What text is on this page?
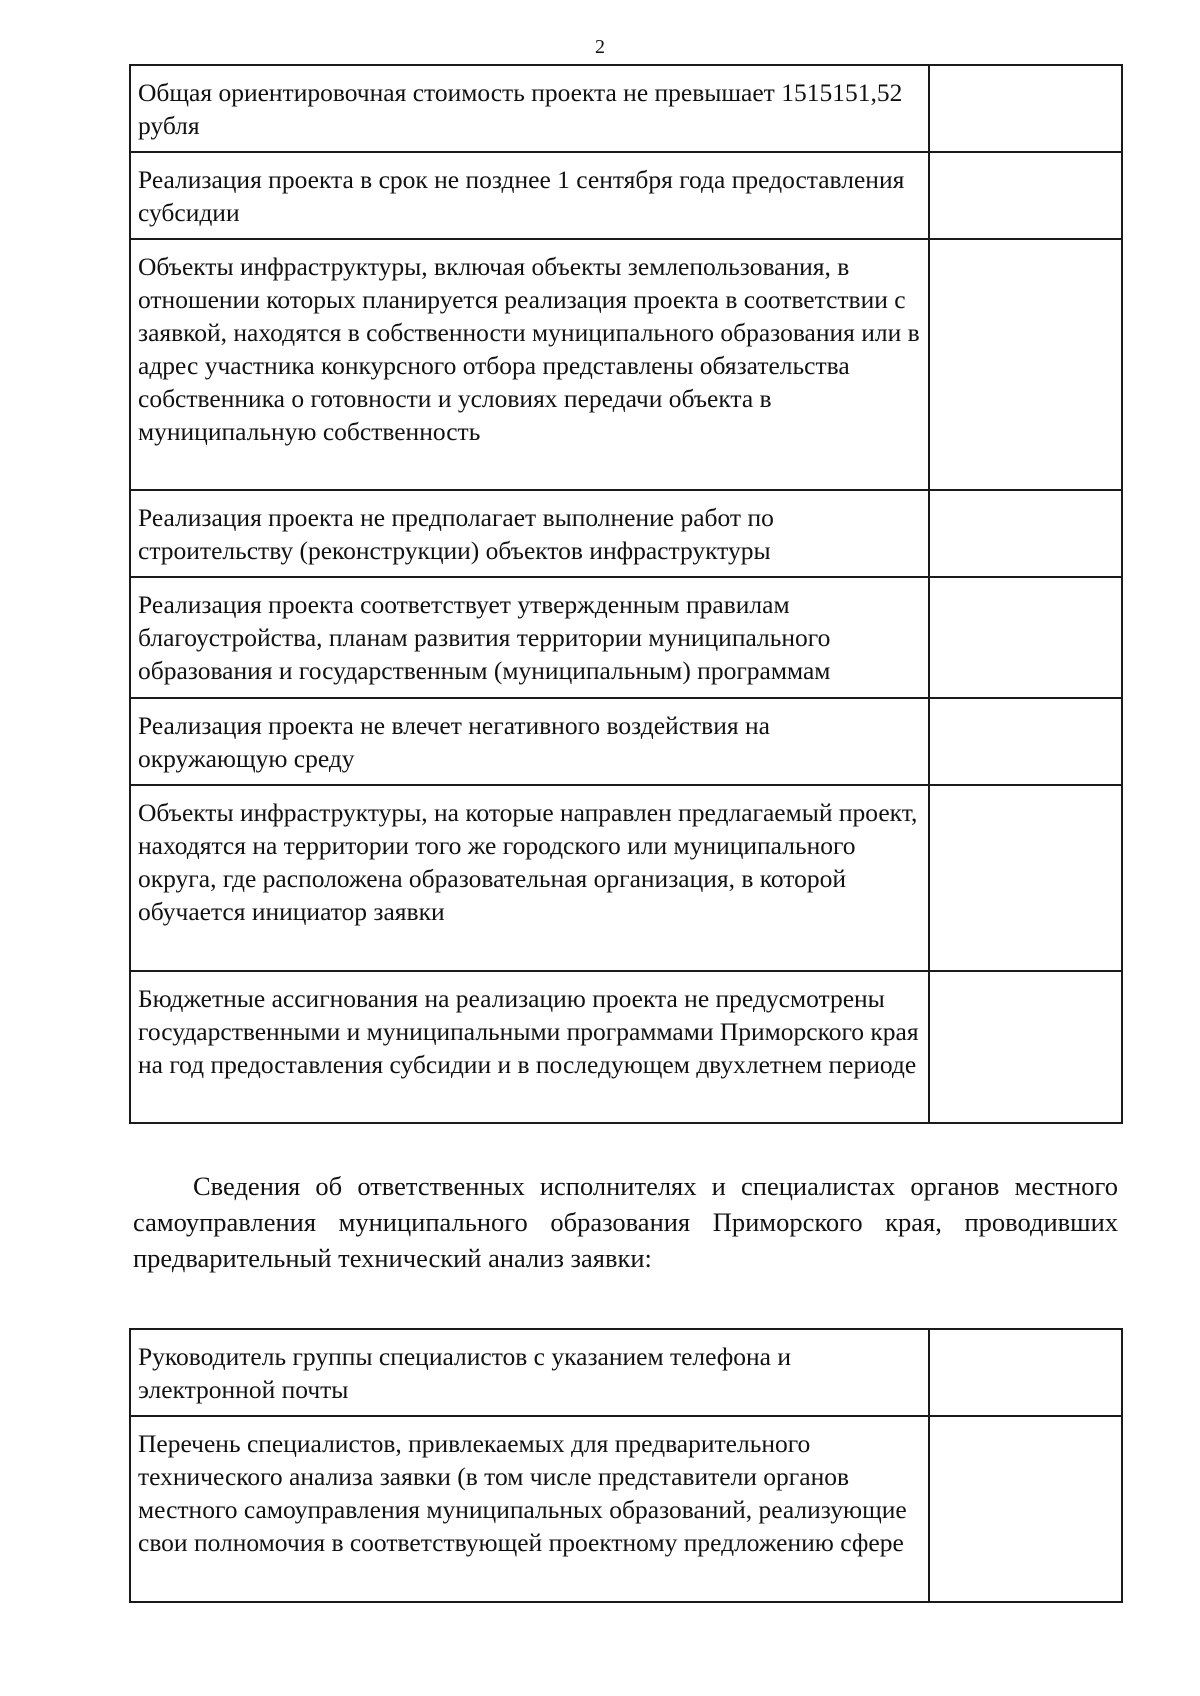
2
Общая ориентировочная стоимость проекта не превышает 1515151,52 рубля	
Реализация проекта в срок не позднее 1 сентября года предоставления субсидии	
Объекты инфраструктуры, включая объекты землепользования, в отношении которых планируется реализация проекта в соответствии с заявкой, находятся в собственности муниципального образования или в адрес участника конкурсного отбора представлены обязательства собственника о готовности и условиях передачи объекта в муниципальную собственность	
Реализация проекта не предполагает выполнение работ по строительству (реконструкции) объектов инфраструктуры	
Реализация проекта соответствует утвержденным правилам благоустройства, планам развития территории муниципального образования и государственным (муниципальным) программам	
Реализация проекта не влечет негативного воздействия на окружающую среду	
Объекты инфраструктуры, на которые направлен предлагаемый проект, находятся на территории того же городского или муниципального округа, где расположена образовательная организация, в которой обучается инициатор заявки	
Бюджетные ассигнования на реализацию проекта не предусмотрены государственными и муниципальными программами Приморского края на год предоставления субсидии и в последующем двухлетнем периоде	

Сведения об ответственных исполнителях и специалистах органов местного самоуправления муниципального образования Приморского края, проводивших предварительный технический анализ заявки:

Руководитель группы специалистов с указанием телефона и электронной почты	
Перечень специалистов, привлекаемых для предварительного технического анализа заявки (в том числе представители органов местного самоуправления муниципальных образований, реализующие свои полномочия в соответствующей проектному предложению сфере	
